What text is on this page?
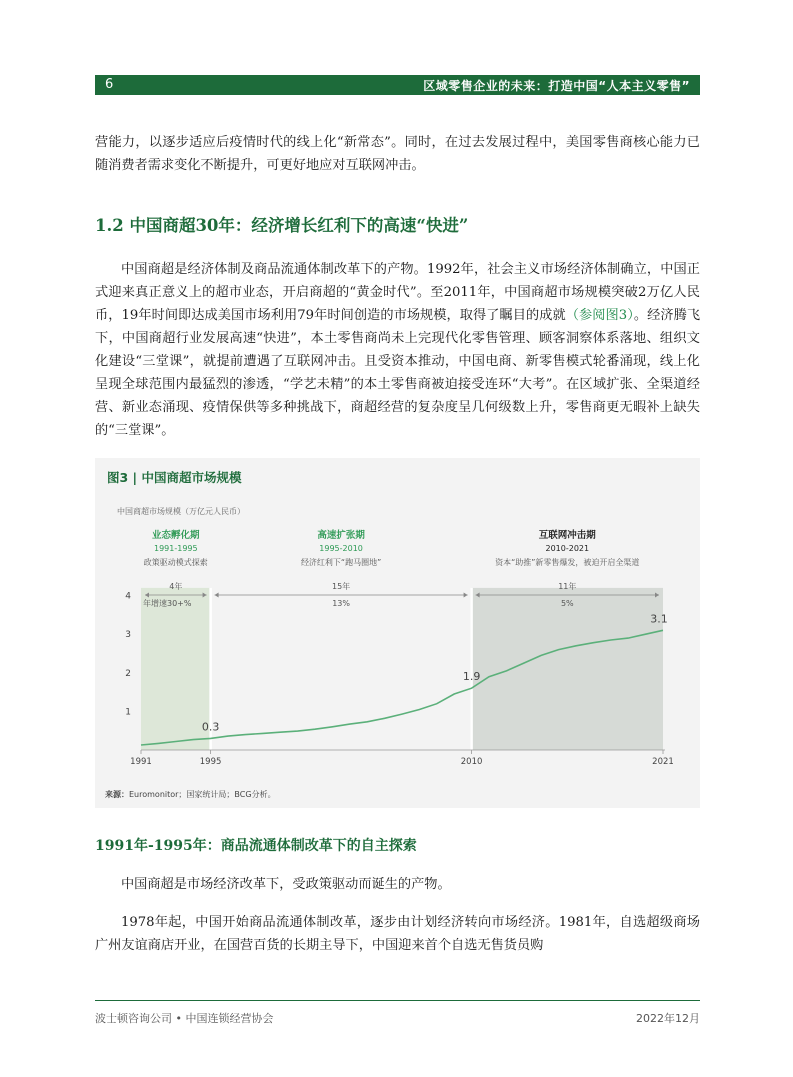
6	区域零售企业的未来：打造中国“人本主义零售”

营能力，以逐步适应后疫情时代的线上化“新常态”。同时，在过去发展过程中，美国零售商核心能力已随消费者需求变化不断提升，可更好地应对互联网冲击。

1.2 中国商超30年：经济增长红利下的高速“快进”

中国商超是经济体制及商品流通体制改革下的产物。1992年，社会主义市场经济体制确立，中国正式迎来真正意义上的超市业态，开启商超的“黄金时代”。至2011年，中国商超市场规模突破2万亿人民币，19年时间即达成美国市场利用79年时间创造的市场规模，取得了瞩目的成就（参阅图3）。经济腾飞下，中国商超行业发展高速“快进”，本土零售商尚未上完现代化零售管理、顾客洞察体系落地、组织文化建设“三堂课”，就提前遭遇了互联网冲击。且受资本推动，中国电商、新零售模式轮番涌现，线上化呈现全球范围内最猛烈的渗透，“学艺未精”的本土零售商被迫接受连环“大考”。在区域扩张、全渠道经营、新业态涌现、疫情保供等多种挑战下，商超经营的复杂度呈几何级数上升，零售商更无暇补上缺失的“三堂课”。

图3 | 中国商超市场规模
中国商超市场规模（万亿元人民币）
业态孵化期
1991-1995
政策驱动模式探索
4年
年增速30+%
高速扩张期
1995-2010
经济红利下“跑马圈地”
15年
13%
互联网冲击期
2010-2021
资本“助推”新零售爆发，被迫开启全渠道
11年
5%
1
2
3
4
1991	1995	2010	2021
0.3
1.9
3.1
来源：Euromonitor；国家统计局；BCG分析。
1991年-1995年：商品流通体制改革下的自主探索

中国商超是市场经济改革下，受政策驱动而诞生的产物。

1978年起，中国开始商品流通体制改革，逐步由计划经济转向市场经济。1981年，自选超级商场广州友谊商店开业，在国营百货的长期主导下，中国迎来首个自选无售货员购

波士顿咨询公司 • 中国连锁经营协会	2022年12月
